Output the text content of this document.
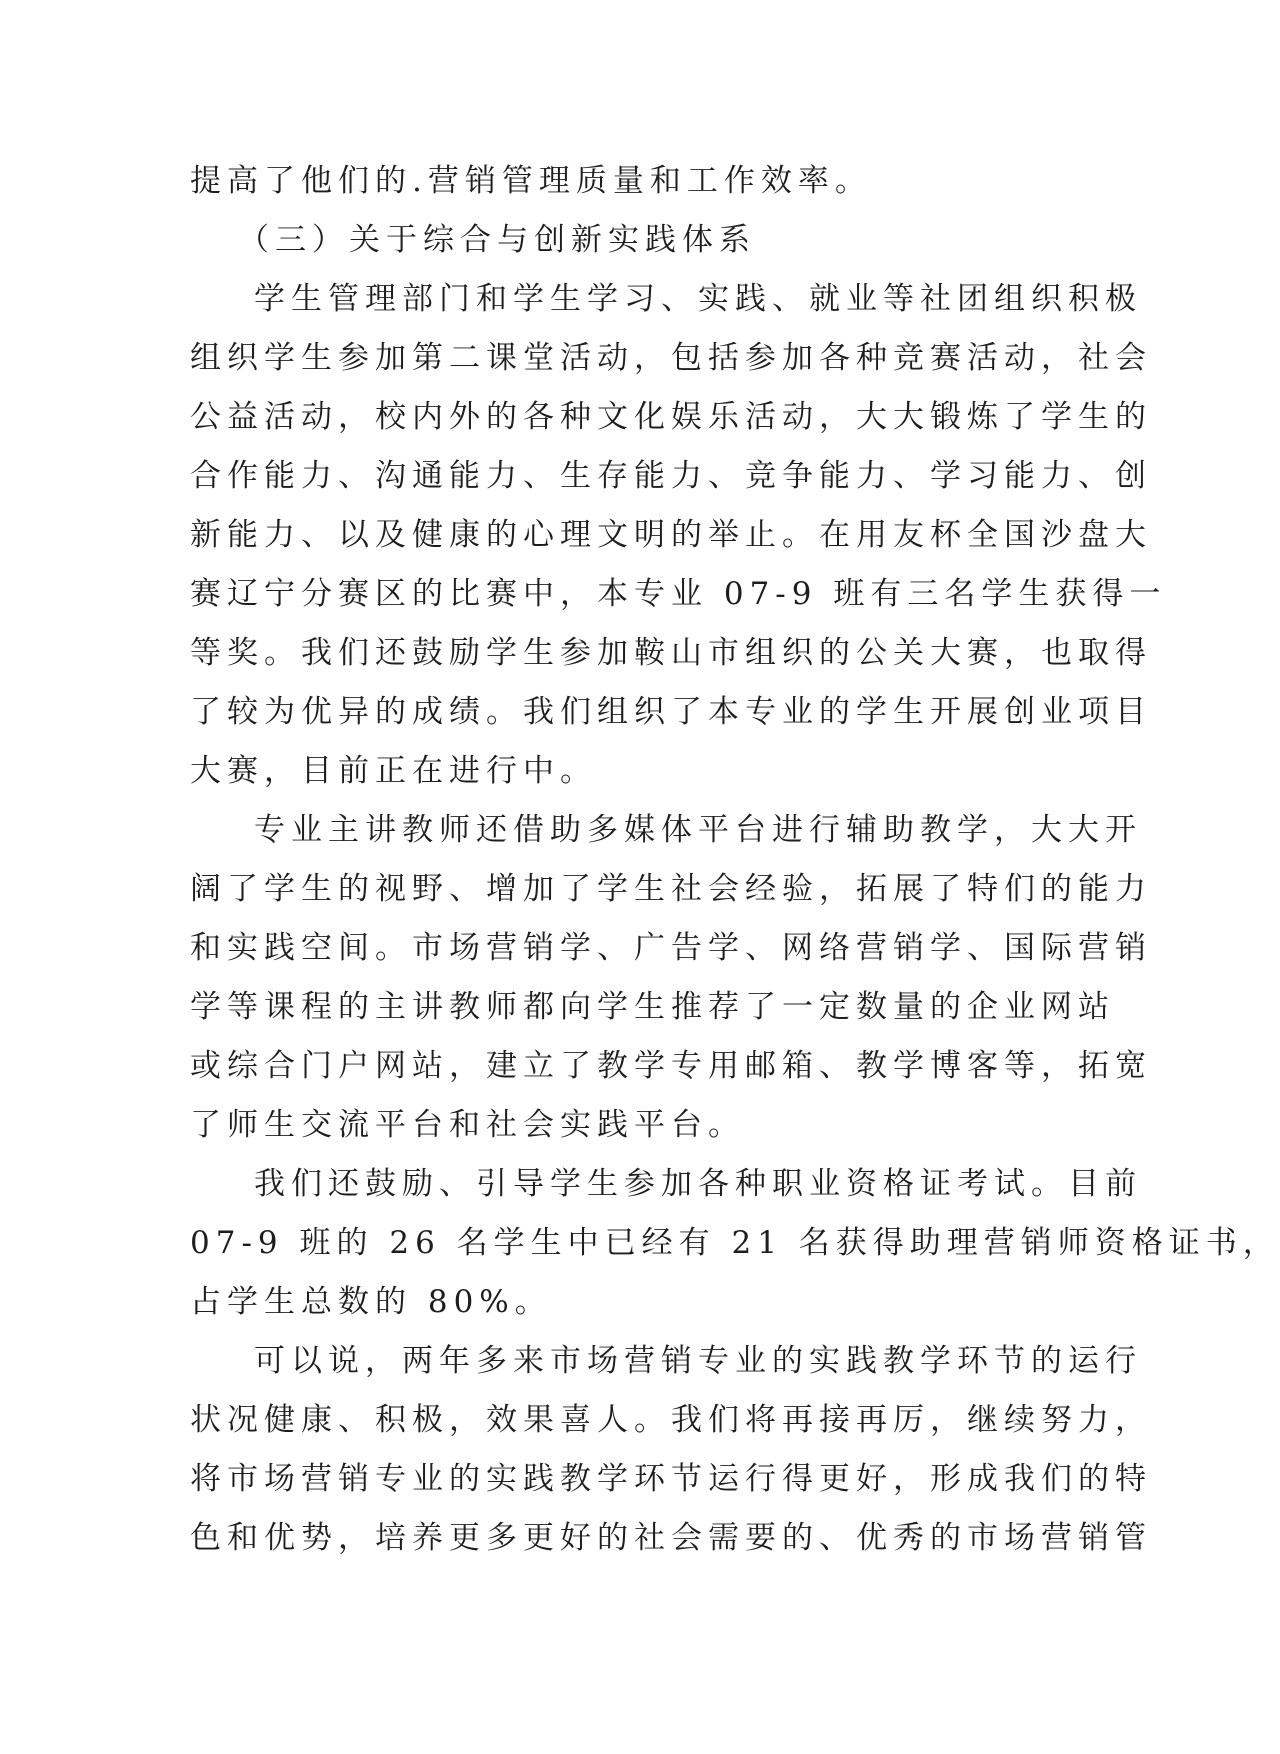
提高了他们的.营销管理质量和工作效率。
（三）关于综合与创新实践体系
学生管理部门和学生学习、实践、就业等社团组织积极
组织学生参加第二课堂活动，包括参加各种竞赛活动，社会
公益活动，校内外的各种文化娱乐活动，大大锻炼了学生的
合作能力、沟通能力、生存能力、竞争能力、学习能力、创
新能力、以及健康的心理文明的举止。在用友杯全国沙盘大
赛辽宁分赛区的比赛中，本专业 07-9 班有三名学生获得一
等奖。我们还鼓励学生参加鞍山市组织的公关大赛，也取得
了较为优异的成绩。我们组织了本专业的学生开展创业项目
大赛，目前正在进行中。
专业主讲教师还借助多媒体平台进行辅助教学，大大开
阔了学生的视野、增加了学生社会经验，拓展了特们的能力
和实践空间。市场营销学、广告学、网络营销学、国际营销
学等课程的主讲教师都向学生推荐了一定数量的企业网站
或综合门户网站，建立了教学专用邮箱、教学博客等，拓宽
了师生交流平台和社会实践平台。
我们还鼓励、引导学生参加各种职业资格证考试。目前
07-9 班的 26 名学生中已经有 21 名获得助理营销师资格证书，
占学生总数的 80%。
可以说，两年多来市场营销专业的实践教学环节的运行
状况健康、积极，效果喜人。我们将再接再厉，继续努力，
将市场营销专业的实践教学环节运行得更好，形成我们的特
色和优势，培养更多更好的社会需要的、优秀的市场营销管
